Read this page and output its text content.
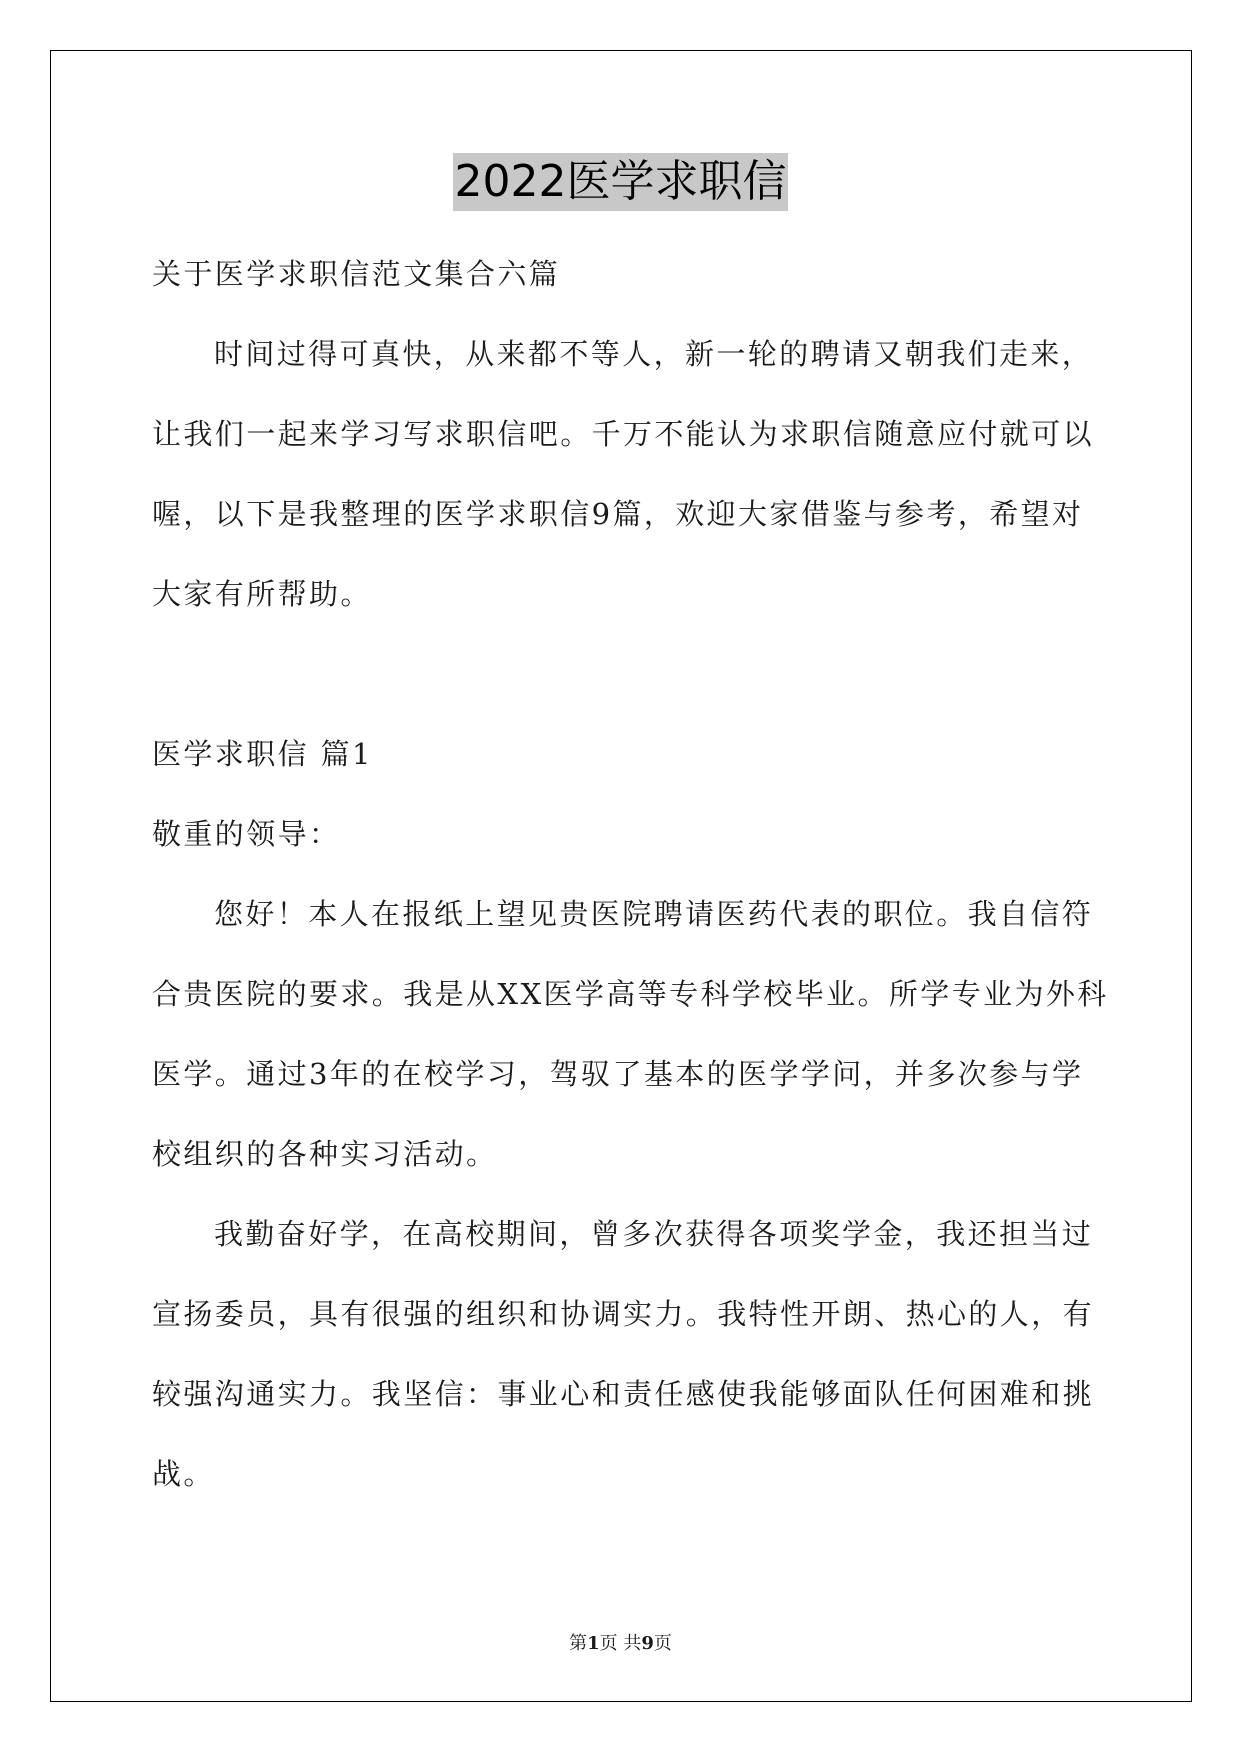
2022医学求职信
关于医学求职信范文集合六篇
时间过得可真快，从来都不等人，新一轮的聘请又朝我们走来，
让我们一起来学习写求职信吧。千万不能认为求职信随意应付就可以
喔，以下是我整理的医学求职信9篇，欢迎大家借鉴与参考，希望对
大家有所帮助。
医学求职信 篇1
敬重的领导：
您好！本人在报纸上望见贵医院聘请医药代表的职位。我自信符
合贵医院的要求。我是从XX医学高等专科学校毕业。所学专业为外科
医学。通过3年的在校学习，驾驭了基本的医学学问，并多次参与学
校组织的各种实习活动。
我勤奋好学，在高校期间，曾多次获得各项奖学金，我还担当过
宣扬委员，具有很强的组织和协调实力。我特性开朗、热心的人，有
较强沟通实力。我坚信：事业心和责任感使我能够面队任何困难和挑
战。
第1页 共9页
